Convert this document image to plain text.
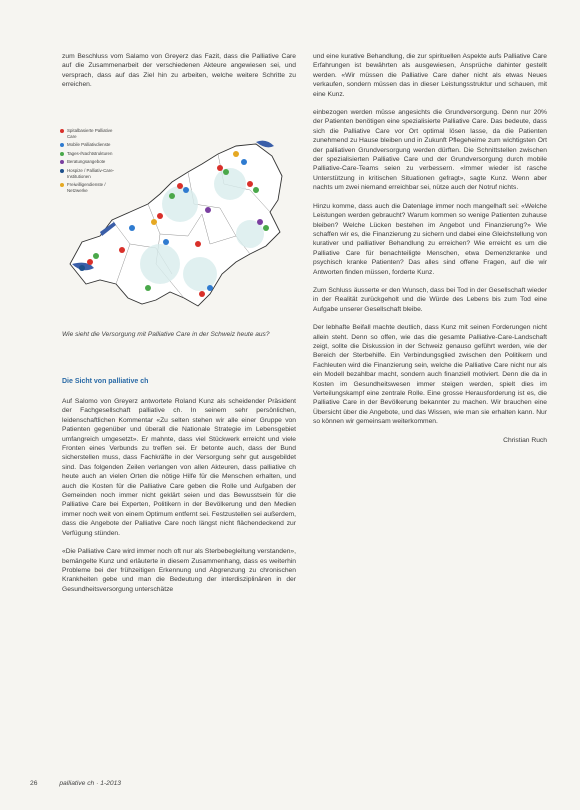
zum Beschluss vom Salamo von Greyerz das Fazit, dass die Palliative Care auf die Zusammenarbeit der verschiedenen Akteure angewiesen sei, und versprach, dass auf das Ziel hin zu arbeiten, welche weitere Schritte zu erreichen.

Spitalbasierte Palliative Care
Mobile Palliativdienste
Tages-/Nachtstrukturen
Beratungsangebote
Hospize / Palliativ-Care-Institutionen
Freiwilligendienste / Netzwerke
Wie sieht die Versorgung mit Palliative Care in der Schweiz heute aus?
Die Sicht von palliative ch

Auf Salomo von Greyerz antwortete Roland Kunz als scheidender Präsident der Fachgesellschaft palliative ch. In seinem sehr persönlichen, leidenschaftlichen Kommentar «Zu selten stehen wir alle einer Gruppe von Patienten gegenüber und überall die Nationale Strategie im Lebensgebiet umfangreich umgesetzt». Er mahnte, dass viel Stückwerk erreicht und viele Fronten eines Verbunds zu treffen sei. Er betonte auch, dass der Bund sicherstellen muss, dass Fachkräfte in der Versorgung sehr gut ausgebildet sind. Das folgenden Zeilen verlangen von allen Akteuren, dass palliative ch heute auch an vielen Orten die nötige Hilfe für die Menschen erhalten, und auch die Kosten für die Palliative Care geben die Rolle und Aufgaben der Gemeinden noch immer nicht geklärt seien und das Bewusstsein für die Palliative Care bei Experten, Politikern in der Bevölkerung und den Medien immer noch weit von einem Optimum entfernt sei. Festzustellen sei außerdem, dass die Angebote der Palliative Care noch längst nicht flächendeckend zur Verfügung stünden.

«Die Palliative Care wird immer noch oft nur als Sterbebegleitung verstanden», bemängelte Kunz und erläuterte in diesem Zusammenhang, dass es weiterhin Probleme bei der frühzeitigen Erkennung und Abgrenzung zu chronischen Krankheiten gebe und man die Bedeutung der interdisziplinären in der Gesundheitsversorgung unterschätze

und eine kurative Behandlung, die zur spirituellen Aspekte aufs Palliative Care Erfahrungen ist bewährten als ausgewiesen, Ansprüche dahinter gestellt werden. «Wir müssen die Palliative Care daher nicht als etwas Neues verkaufen, sondern müssen das in dieser Leistungsstruktur und schauen, mit eine Kunz.

einbezogen werden müsse angesichts die Grundversorgung. Denn nur 20% der Patienten benötigen eine spezialisierte Palliative Care. Das bedeute, dass sich die Palliative Care vor Ort optimal lösen lasse, da die Patienten zunehmend zu Hause bleiben und in Zukunft Pflegeheime zum wichtigsten Ort der palliativen Grundversorgung werden dürften. Die Schnittstellen zwischen der spezialisierten Palliative Care und der Grundversorgung durch mobile Palliative-Care-Teams seien zu verbessern. «Immer wieder ist rasche Unterstützung in kritischen Situationen gefragt», sagte Kunz. Wenn aber nachts um zwei niemand erreichbar sei, nütze auch der Notruf nichts.

Hinzu komme, dass auch die Datenlage immer noch mangelhaft sei: «Welche Leistungen werden gebraucht? Warum kommen so wenige Patienten zuhause bleiben? Welche Lücken bestehen im Angebot und Finanzierung?» Wie schaffen wir es, die Finanzierung zu sichern und dabei eine Gleichstellung von kurativer und palliativer Behandlung zu erreichen? Wie erreicht es um die Palliative Care für benachteiligte Menschen, etwa Demenzkranke und psychisch kranke Patienten? Das alles sind offene Fragen, auf die wir Antworten finden müssen, forderte Kunz.

Zum Schluss äusserte er den Wunsch, dass bei Tod in der Gesellschaft wieder in der Realität zurückgeholt und die Würde des Lebens bis zum Tod eine Aufgabe unserer Gesellschaft bleibe.

Der lebhafte Beifall machte deutlich, dass Kunz mit seinen Forderungen nicht allein steht. Denn so offen, wie das die gesamte Palliative-Care-Landschaft zeigt, sollte die Diskussion in der Schweiz genauso geführt werden, wie der Bereich der Sterbehilfe. Ein Verbindungsglied zwischen den Politikern und Fachleuten wird die Finanzierung sein, welche die Palliative Care nicht nur als ein Modell bezahlbar macht, sondern auch finanziell motiviert. Denn die da in Kosten im Gesundheitswesen immer steigen werden, spielt dies im Verteilungskampf eine zentrale Rolle. Eine grosse Herausforderung ist es, die Palliative Care in der Bevölkerung bekannter zu machen. Wir brauchen eine Übersicht über die Angebote, und das Wissen, wie man sie erhalten kann. Nur so können wir gemeinsam weiterkommen.

Christian Ruch

26	palliative ch · 1-2013
